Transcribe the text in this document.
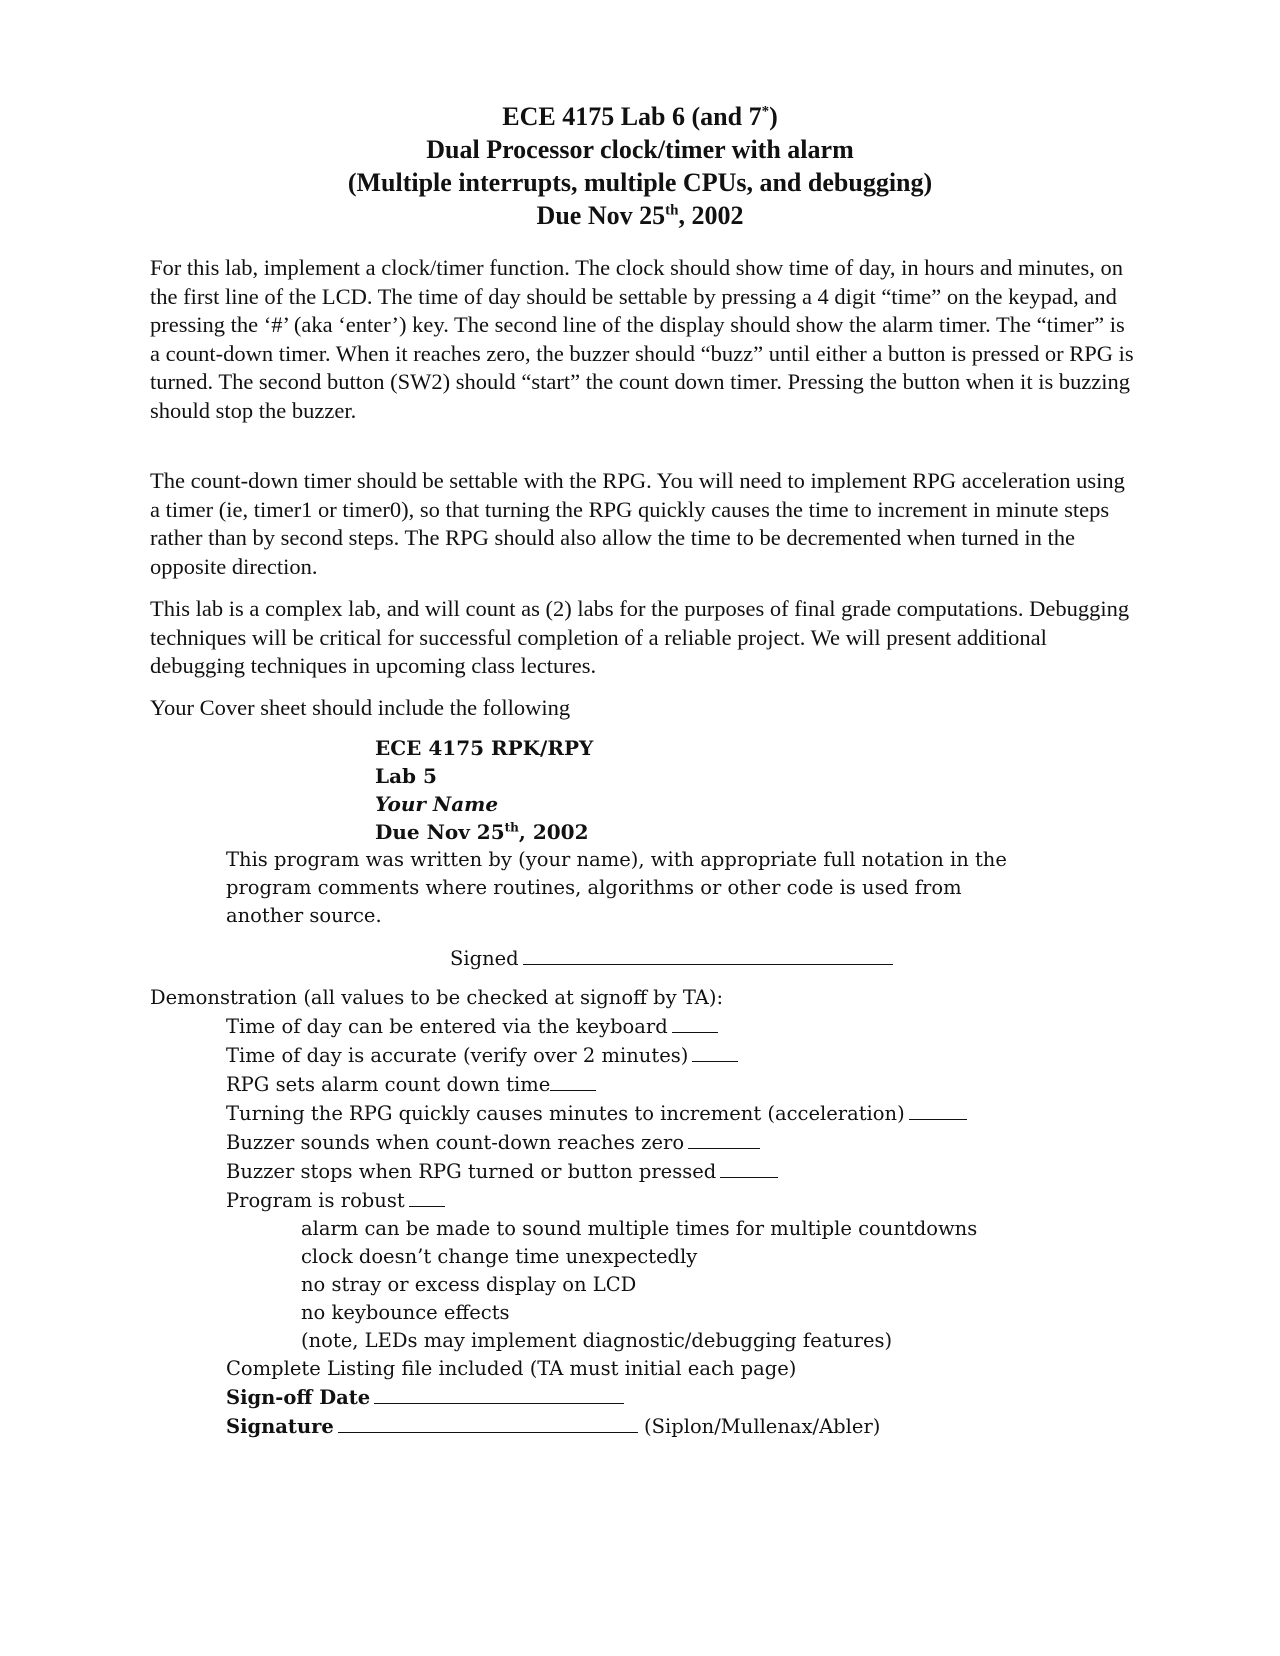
ECE 4175 Lab 6 (and 7*)
Dual Processor clock/timer with alarm
(Multiple interrupts, multiple CPUs, and debugging)
Due Nov 25th, 2002

For this lab, implement a clock/timer function. The clock should show time of day, in hours and minutes, on the first line of the LCD. The time of day should be settable by pressing a 4 digit “time” on the keypad, and pressing the ‘#’ (aka ‘enter’) key. The second line of the display should show the alarm timer. The “timer” is a count-down timer. When it reaches zero, the buzzer should “buzz” until either a button is pressed or RPG is turned. The second button (SW2) should “start” the count down timer. Pressing the button when it is buzzing should stop the buzzer.

The count-down timer should be settable with the RPG. You will need to implement RPG acceleration using a timer (ie, timer1 or timer0), so that turning the RPG quickly causes the time to increment in minute steps rather than by second steps. The RPG should also allow the time to be decremented when turned in the opposite direction.

This lab is a complex lab, and will count as (2) labs for the purposes of final grade computations. Debugging techniques will be critical for successful completion of a reliable project. We will present additional debugging techniques in upcoming class lectures.

Your Cover sheet should include the following

ECE 4175 RPK/RPY
Lab 5
Your Name
Due Nov 25th, 2002
This program was written by (your name), with appropriate full notation in the program comments where routines, algorithms or other code is used from another source.
Signed
Demonstration (all values to be checked at signoff by TA):
Time of day can be entered via the keyboard
Time of day is accurate (verify over 2 minutes)
RPG sets alarm count down time
Turning the RPG quickly causes minutes to increment (acceleration)
Buzzer sounds when count-down reaches zero
Buzzer stops when RPG turned or button pressed
Program is robust
alarm can be made to sound multiple times for multiple countdowns
clock doesn’t change time unexpectedly
no stray or excess display on LCD
no keybounce effects
(note, LEDs may implement diagnostic/debugging features)
Complete Listing file included (TA must initial each page)
Sign-off Date
Signature	(Siplon/Mullenax/Abler)
